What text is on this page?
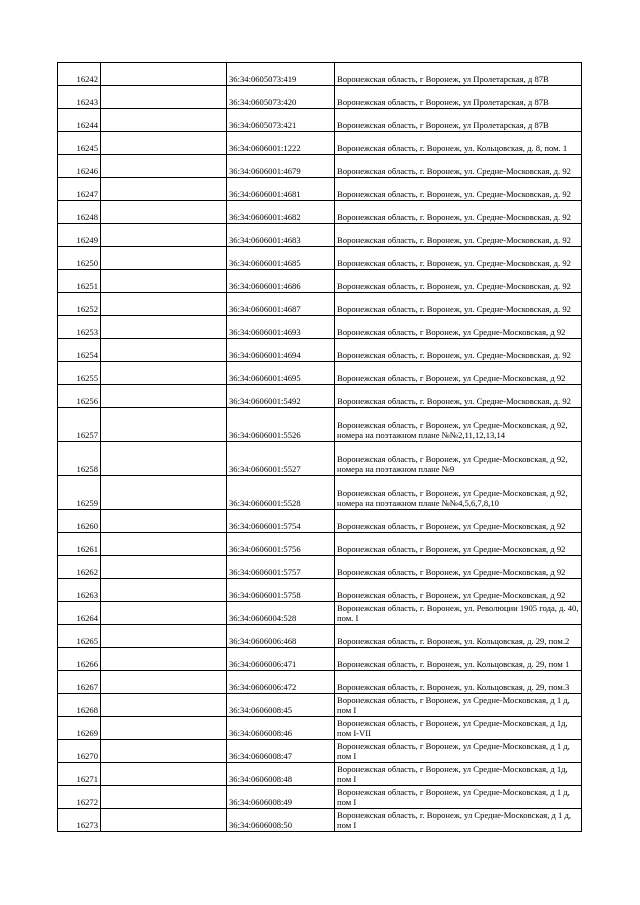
16242		36:34:0605073:419	Воронежская область, г Воронеж, ул Пролетарская, д 87В
16243		36:34:0605073:420	Воронежская область, г Воронеж, ул Пролетарская, д 87В
16244		36:34:0605073:421	Воронежская область, г Воронеж, ул Пролетарская, д 87В
16245		36:34:0606001:1222	Воронежская область, г. Воронеж, ул. Кольцовская, д. 8, пом. 1
16246		36:34:0606001:4679	Воронежская область, г. Воронеж, ул. Средне-Московская, д. 92
16247		36:34:0606001:4681	Воронежская область, г. Воронеж, ул. Средне-Московская, д. 92
16248		36:34:0606001:4682	Воронежская область, г. Воронеж, ул. Средне-Московская, д. 92
16249		36:34:0606001:4683	Воронежская область, г. Воронеж, ул. Средне-Московская, д. 92
16250		36:34:0606001:4685	Воронежская область, г. Воронеж, ул. Средне-Московская, д. 92
16251		36:34:0606001:4686	Воронежская область, г. Воронеж, ул. Средне-Московская, д. 92
16252		36:34:0606001:4687	Воронежская область, г. Воронеж, ул. Средне-Московская, д. 92
16253		36:34:0606001:4693	Воронежская область, г Воронеж, ул Средне-Московская, д 92
16254		36:34:0606001:4694	Воронежская область, г. Воронеж, ул. Средне-Московская, д. 92
16255		36:34:0606001:4695	Воронежская область, г Воронеж, ул Средне-Московская, д 92
16256		36:34:0606001:5492	Воронежская область, г. Воронеж, ул. Средне-Московская, д. 92
16257		36:34:0606001:5526	Воронежская область, г Воронеж, ул Средне-Московская, д 92, номера на поэтажном плане №№2,11,12,13,14
16258		36:34:0606001:5527	Воронежская область, г Воронеж, ул Средне-Московская, д 92, номера на поэтажном плане №9
16259		36:34:0606001:5528	Воронежская область, г Воронеж, ул Средне-Московская, д 92, номера на поэтажном плане №№4,5,6,7,8,10
16260		36:34:0606001:5754	Воронежская область, г Воронеж, ул Средне-Московская, д 92
16261		36:34:0606001:5756	Воронежская область, г Воронеж, ул Средне-Московская, д 92
16262		36:34:0606001:5757	Воронежская область, г Воронеж, ул Средне-Московская, д 92
16263		36:34:0606001:5758	Воронежская область, г Воронеж, ул Средне-Московская, д 92
16264		36:34:0606004:528	Воронежская область, г. Воронеж, ул. Революции 1905 года, д. 40, пом. I
16265		36:34:0606006:468	Воронежская область, г. Воронеж, ул. Кольцовская, д. 29, пом.2
16266		36:34:0606006:471	Воронежская область, г. Воронеж, ул. Кольцовская, д. 29, пом 1
16267		36:34:0606006:472	Воронежская область, г. Воронеж, ул. Кольцовская, д. 29, пом.3
16268		36:34:0606008:45	Воронежская область, г Воронеж, ул Средне-Московская, д 1 д, пом I
16269		36:34:0606008:46	Воронежская область, г Воронеж, ул Средне-Московская, д 1д, пом I-VII
16270		36:34:0606008:47	Воронежская область, г Воронеж, ул Средне-Московская, д 1 д, пом I
16271		36:34:0606008:48	Воронежская область, г Воронеж, ул Средне-Московская, д 1д, пом I
16272		36:34:0606008:49	Воронежская область, г Воронеж, ул Средне-Московская, д 1 д, пом I
16273		36:34:0606008:50	Воронежская область, г. Воронеж, ул Средне-Московская, д 1 д, пом I
